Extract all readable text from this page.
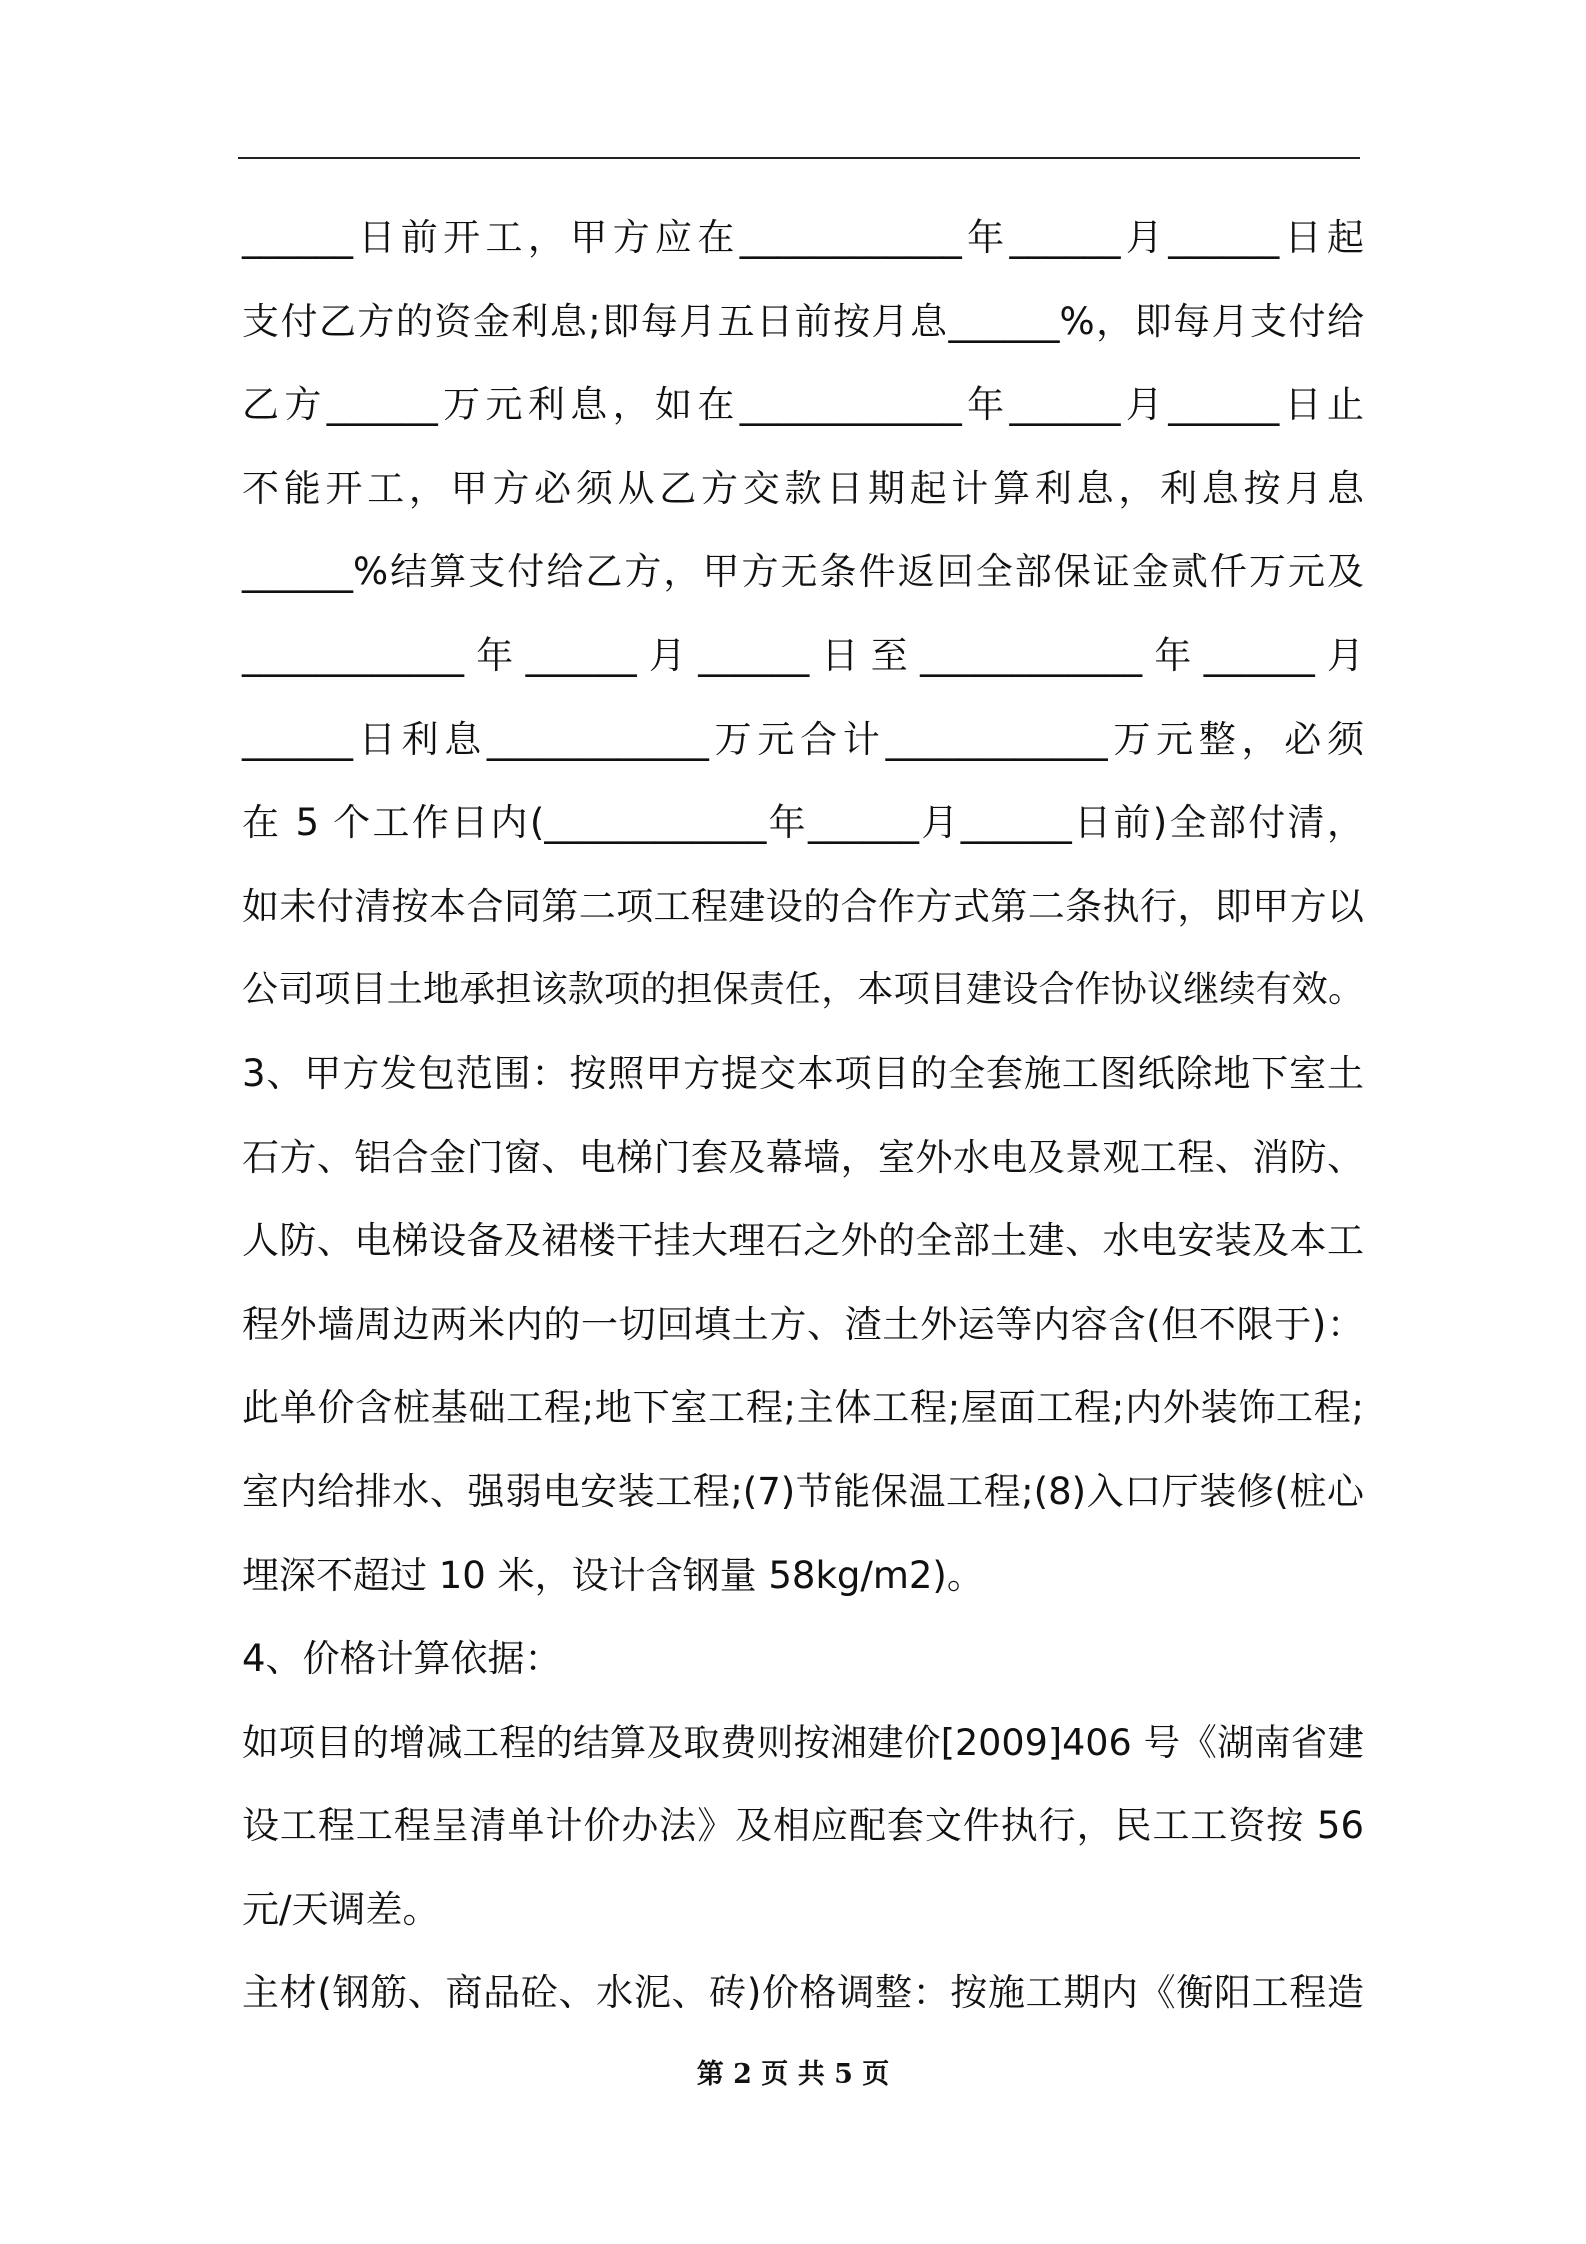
______日前开工，甲方应在____________年______月______日起
支付乙方的资金利息;即每月五日前按月息______%，即每月支付给
乙方______万元利息，如在____________年______月______日止
不能开工，甲方必须从乙方交款日期起计算利息，利息按月息
______%结算支付给乙方，甲方无条件返回全部保证金贰仟万元及
____________年______月______日至____________年______月
______日利息____________万元合计____________万元整，必须
在 5 个工作日内(____________年______月______日前)全部付清，
如未付清按本合同第二项工程建设的合作方式第二条执行，即甲方以
公司项目土地承担该款项的担保责任，本项目建设合作协议继续有效。
3、甲方发包范围：按照甲方提交本项目的全套施工图纸除地下室土
石方、铝合金门窗、电梯门套及幕墙，室外水电及景观工程、消防、
人防、电梯设备及裙楼干挂大理石之外的全部土建、水电安装及本工
程外墙周边两米内的一切回填土方、渣土外运等内容含(但不限于)：
此单价含桩基础工程;地下室工程;主体工程;屋面工程;内外装饰工程;
室内给排水、强弱电安装工程;(7)节能保温工程;(8)入口厅装修(桩心
埋深不超过 10 米，设计含钢量 58kg/m2)。
4、价格计算依据：
如项目的增减工程的结算及取费则按湘建价[2009]406 号《湖南省建
设工程工程呈清单计价办法》及相应配套文件执行，民工工资按 56
元/天调差。
主材(钢筋、商品砼、水泥、砖)价格调整：按施工期内《衡阳工程造
第 2 页 共 5 页
